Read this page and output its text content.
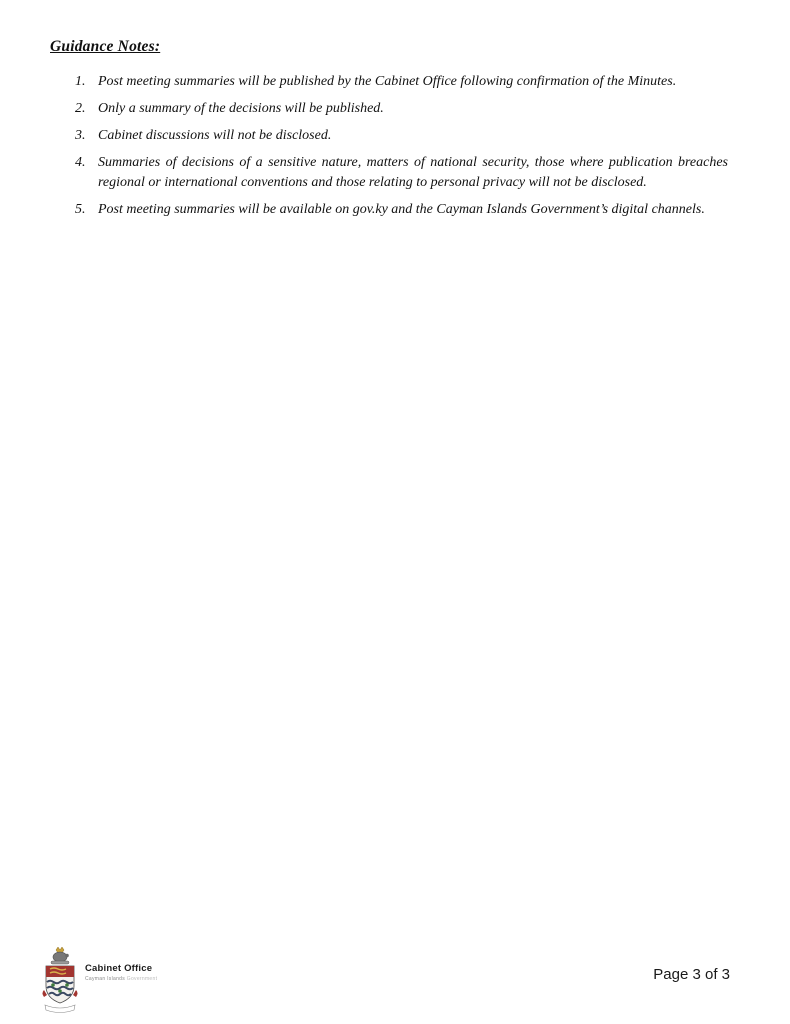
Guidance Notes:
1. Post meeting summaries will be published by the Cabinet Office following confirmation of the Minutes.
2. Only a summary of the decisions will be published.
3. Cabinet discussions will not be disclosed.
4. Summaries of decisions of a sensitive nature, matters of national security, those where publication breaches regional or international conventions and those relating to personal privacy will not be disclosed.
5. Post meeting summaries will be available on gov.ky and the Cayman Islands Government’s digital channels.
Cabinet Office
Cayman Islands Government	Page 3 of 3
